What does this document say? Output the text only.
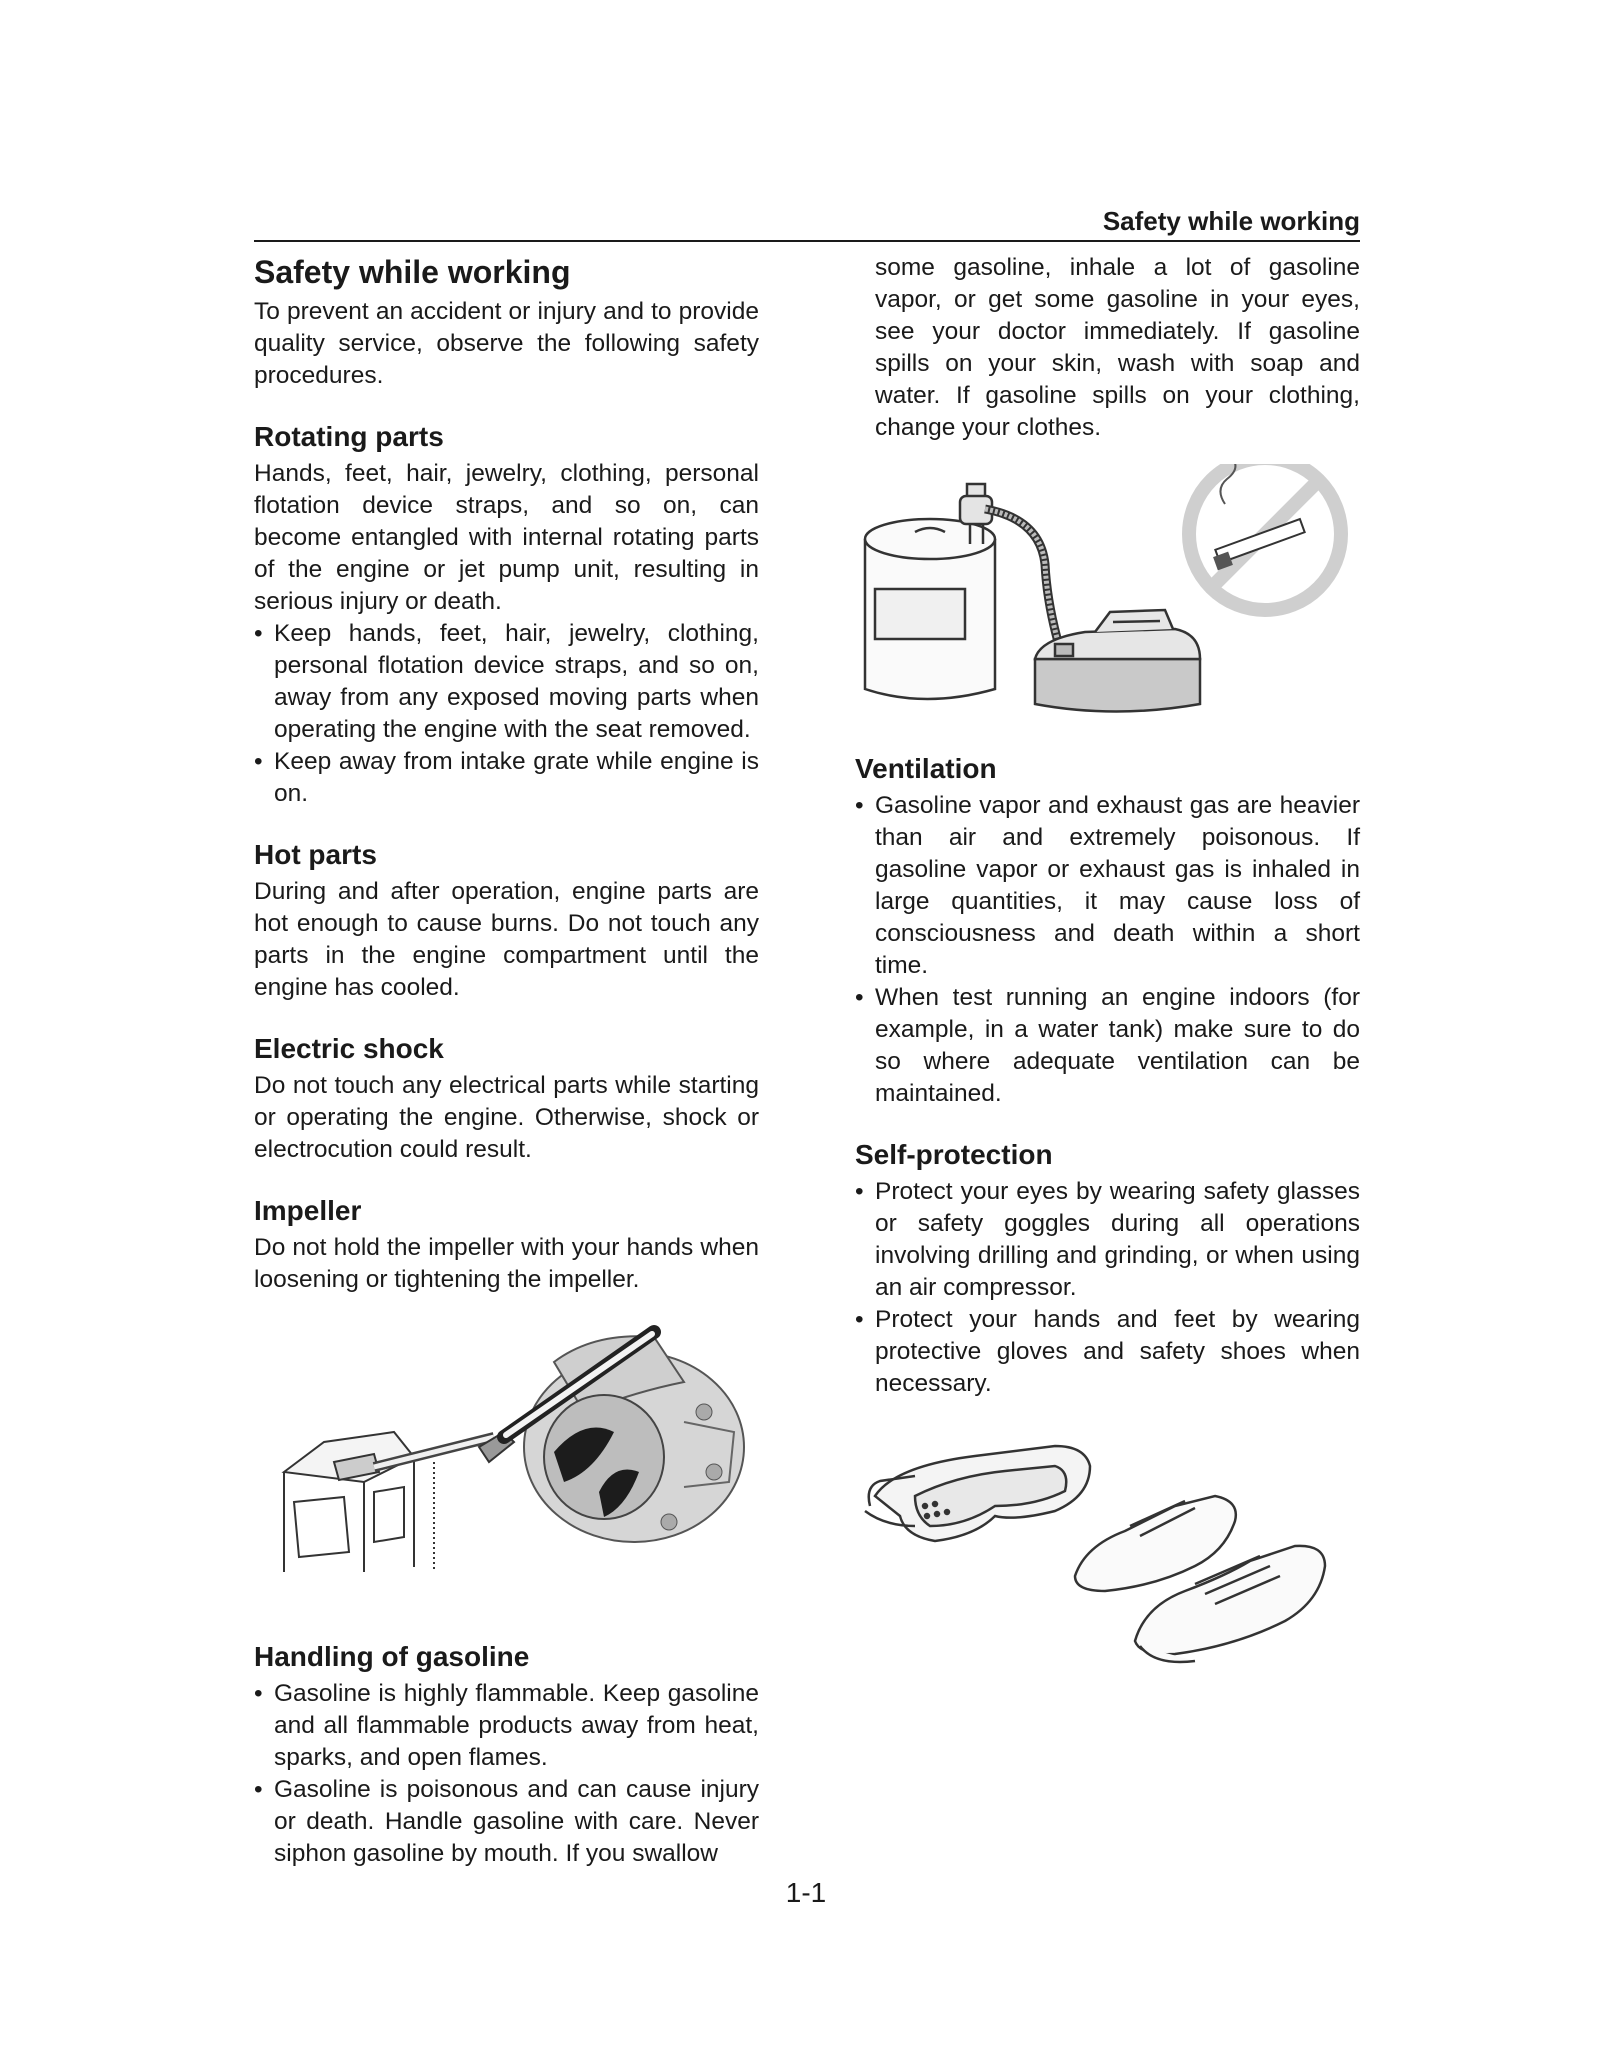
Safety while working
Safety while working

To prevent an accident or injury and to provide quality service, observe the following safety procedures.

Rotating parts

Hands, feet, hair, jewelry, clothing, personal flotation device straps, and so on, can become entangled with internal rotating parts of the engine or jet pump unit, resulting in serious injury or death.

• Keep hands, feet, hair, jewelry, clothing, personal flotation device straps, and so on, away from any exposed moving parts when operating the engine with the seat removed.
• Keep away from intake grate while engine is on.
Hot parts

During and after operation, engine parts are hot enough to cause burns. Do not touch any parts in the engine compartment until the engine has cooled.

Electric shock

Do not touch any electrical parts while starting or operating the engine. Otherwise, shock or electrocution could result.

Impeller

Do not hold the impeller with your hands when loosening or tightening the impeller.

Handling of gasoline
• Gasoline is highly flammable. Keep gasoline and all flammable products away from heat, sparks, and open flames.
• Gasoline is poisonous and can cause injury or death. Handle gasoline with care. Never siphon gasoline by mouth. If you swallow

some gasoline, inhale a lot of gasoline vapor, or get some gasoline in your eyes, see your doctor immediately. If gasoline spills on your skin, wash with soap and water. If gasoline spills on your clothing, change your clothes.

Ventilation
• Gasoline vapor and exhaust gas are heavier than air and extremely poisonous. If gasoline vapor or exhaust gas is inhaled in large quantities, it may cause loss of consciousness and death within a short time.
• When test running an engine indoors (for example, in a water tank) make sure to do so where adequate ventilation can be maintained.
Self-protection
• Protect your eyes by wearing safety glasses or safety goggles during all operations involving drilling and grinding, or when using an air compressor.
• Protect your hands and feet by wearing protective gloves and safety shoes when necessary.
1-1
